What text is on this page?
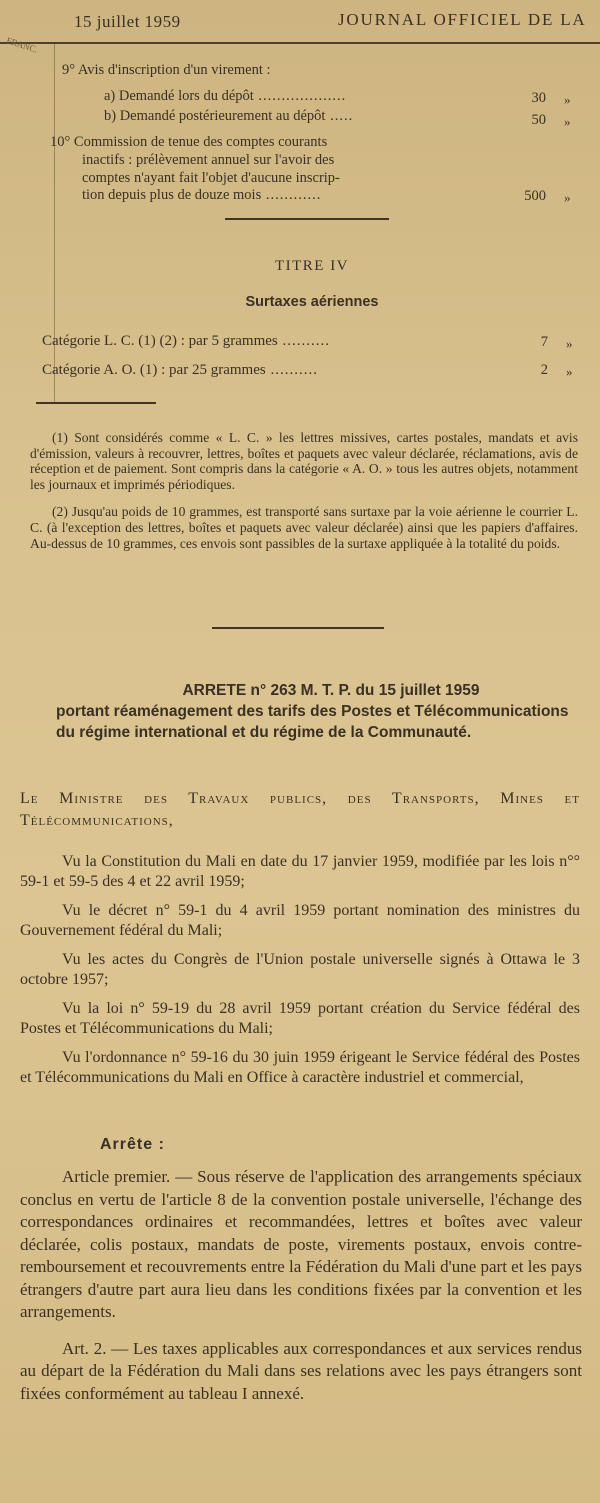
15 juillet 1959	JOURNAL OFFICIEL DE LA
FRANC.
9° Avis d'inscription d'un virement :
a) Demandé lors du dépôt ...................	30 »
b) Demandé postérieurement au dépôt .....	50 »
10° Commission de tenue des comptes courants
inactifs : prélèvement annuel sur l'avoir des
comptes n'ayant fait l'objet d'aucune inscrip-
tion depuis plus de douze mois ............	500 »
TITRE IV
Surtaxes aériennes
Catégorie L. C. (1) (2) : par 5 grammes ..........	7
Catégorie A. O. (1) : par 25 grammes ..........	2

(1) Sont considérés comme « L. C. » les lettres missives, cartes postales, mandats et avis d'émission, valeurs à recouvrer, lettres, boîtes et paquets avec valeur déclarée, réclamations, avis de réception et de paiement. Sont compris dans la catégorie « A. O. » tous les autres objets, notamment les journaux et imprimés périodiques.

(2) Jusqu'au poids de 10 grammes, est transporté sans surtaxe par la voie aérienne le courrier L. C. (à l'exception des lettres, boîtes et paquets avec valeur déclarée) ainsi que les papiers d'affaires. Au-dessus de 10 grammes, ces envois sont passibles de la surtaxe appliquée à la totalité du poids.

ARRETE n° 263 M. T. P. du 15 juillet 1959
portant réaménagement des tarifs des Postes et Télécommunications du régime international et du régime de la Communauté.

Le Ministre des Travaux publics, des Transports, Mines et Télécommunications,

Vu la Constitution du Mali en date du 17 janvier 1959, modifiée par les lois n°° 59-1 et 59-5 des 4 et 22 avril 1959;

Vu le décret n° 59-1 du 4 avril 1959 portant nomination des ministres du Gouvernement fédéral du Mali;

Vu les actes du Congrès de l'Union postale universelle signés à Ottawa le 3 octobre 1957;

Vu la loi n° 59-19 du 28 avril 1959 portant création du Service fédéral des Postes et Télécommunications du Mali;

Vu l'ordonnance n° 59-16 du 30 juin 1959 érigeant le Service fédéral des Postes et Télécommunications du Mali en Office à caractère industriel et commercial,

Arrête :

Article premier. — Sous réserve de l'application des arrangements spéciaux conclus en vertu de l'article 8 de la convention postale universelle, l'échange des correspondances ordinaires et recommandées, lettres et boîtes avec valeur déclarée, colis postaux, mandats de poste, virements postaux, envois contre-remboursement et recouvrements entre la Fédération du Mali d'une part et les pays étrangers d'autre part aura lieu dans les conditions fixées par la convention et les arrangements.

Art. 2. — Les taxes applicables aux correspondances et aux services rendus au départ de la Fédération du Mali dans ses relations avec les pays étrangers sont fixées conformément au tableau I annexé.

»
»
